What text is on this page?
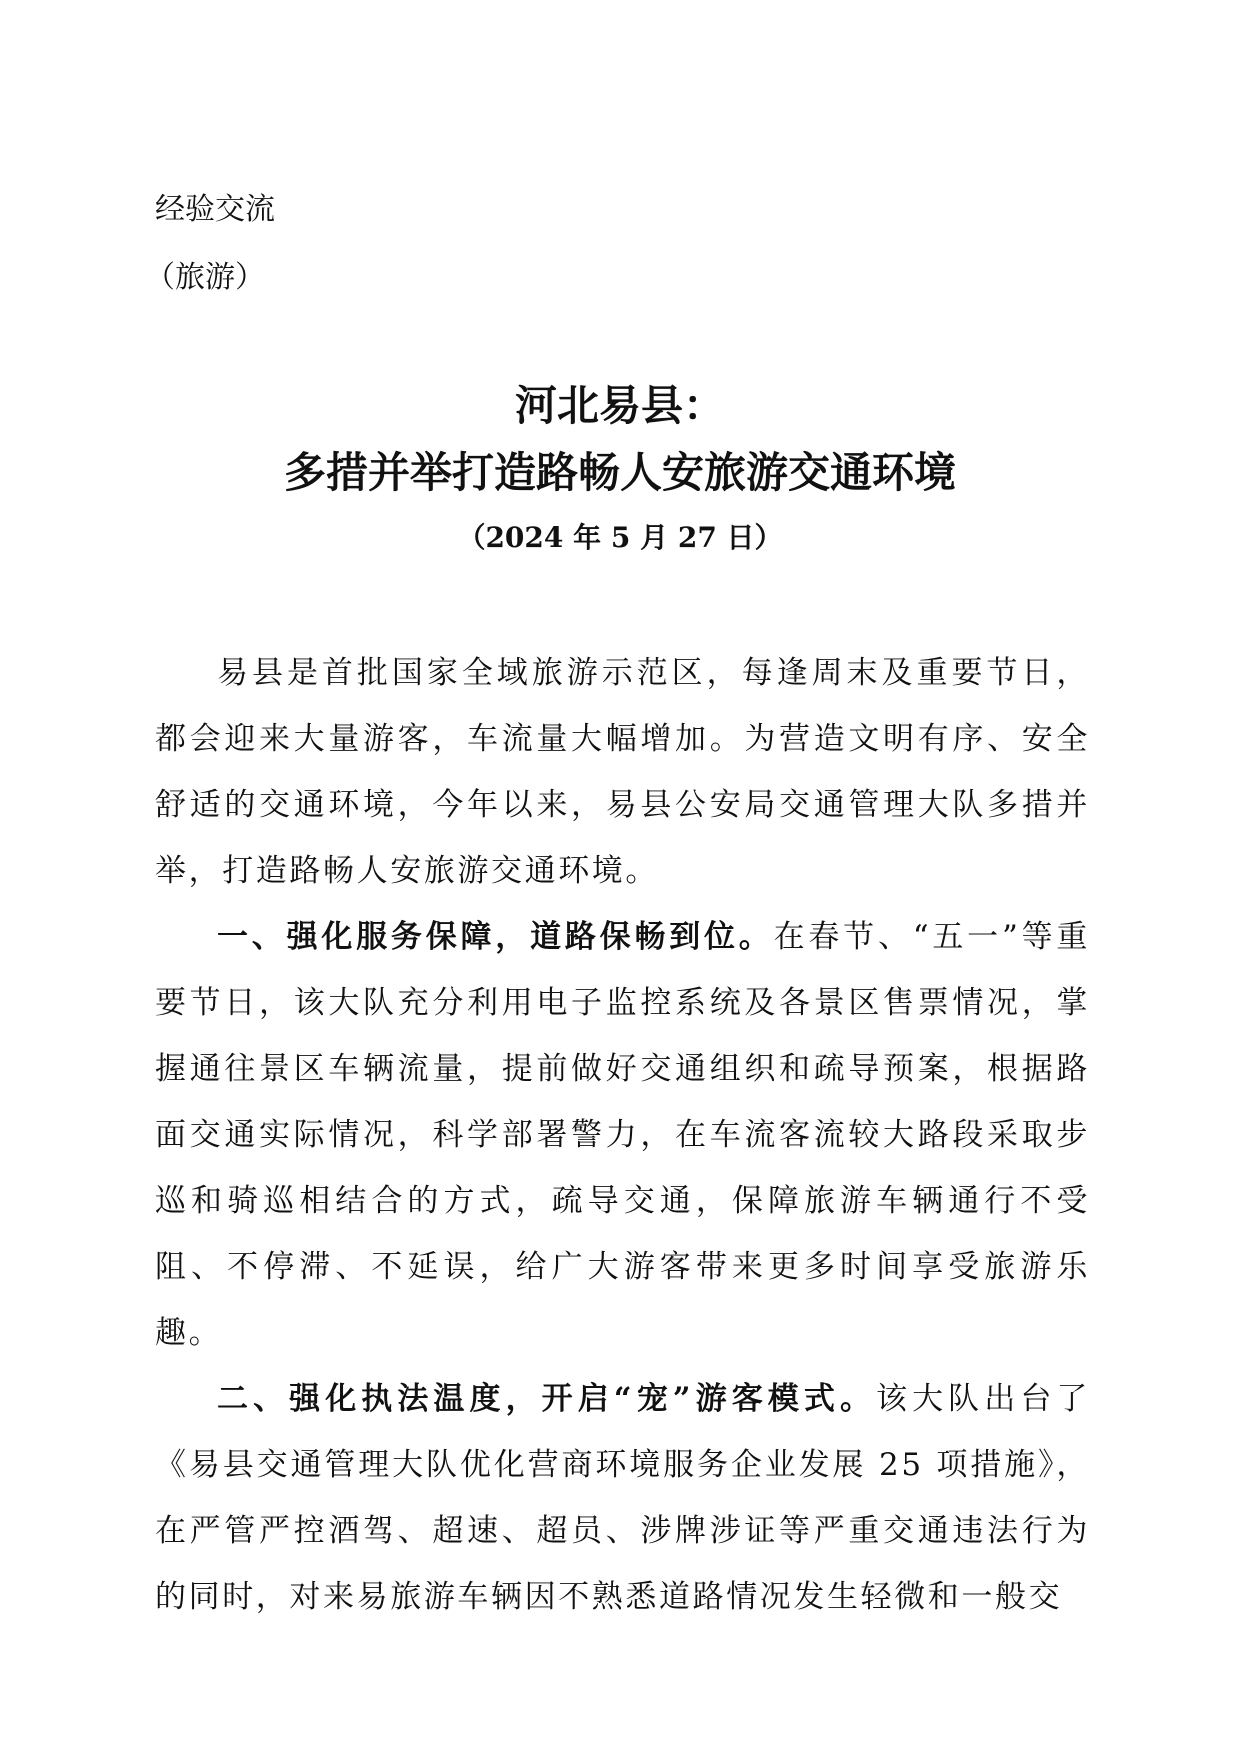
经验交流
（旅游）
河北易县：
多措并举打造路畅人安旅游交通环境
（2024 年 5 月 27 日）

易县是首批国家全域旅游示范区，每逢周末及重要节日，都会迎来大量游客，车流量大幅增加。为营造文明有序、安全舒适的交通环境，今年以来，易县公安局交通管理大队多措并举，打造路畅人安旅游交通环境。

一、强化服务保障，道路保畅到位。在春节、“五一”等重要节日，该大队充分利用电子监控系统及各景区售票情况，掌握通往景区车辆流量，提前做好交通组织和疏导预案，根据路面交通实际情况，科学部署警力，在车流客流较大路段采取步巡和骑巡相结合的方式，疏导交通，保障旅游车辆通行不受阻、不停滞、不延误，给广大游客带来更多时间享受旅游乐趣。

二、强化执法温度，开启“宠”游客模式。该大队出台了《易县交通管理大队优化营商环境服务企业发展 25 项措施》，在严管严控酒驾、超速、超员、涉牌涉证等严重交通违法行为的同时，对来易旅游车辆因不熟悉道路情况发生轻微和一般交
